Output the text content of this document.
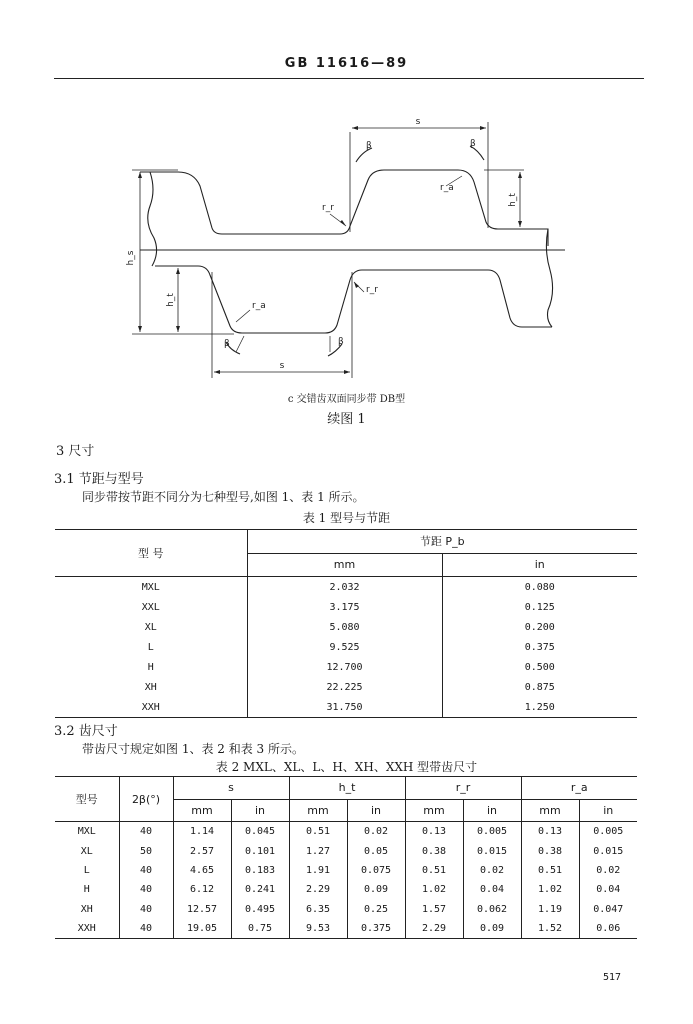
GB 11616—89
s
s
β	β
β	β
r_r
r_r
r_a
r_a
h_s
h_t
h_t
c 交错齿双面同步带 DB型
续图 1
3 尺寸
3.1 节距与型号
同步带按节距不同分为七种型号,如图 1、表 1 所示。
表 1 型号与节距
型 号	节距 P_b	
	mm	in
MXL	2.032	0.080
XXL	3.175	0.125
XL	5.080	0.200
L	9.525	0.375
H	12.700	0.500
XH	22.225	0.875
XXH	31.750	1.250
3.2 齿尺寸
带齿尺寸规定如图 1、表 2 和表 3 所示。
表 2 MXL、XL、L、H、XH、XXH 型带齿尺寸
型号	2β(°)	s		h_t		r_r		r_a	
		mm	in	mm	in	mm	in	mm	in
MXL	40	1.14	0.045	0.51	0.02	0.13	0.005	0.13	0.005
XL	50	2.57	0.101	1.27	0.05	0.38	0.015	0.38	0.015
L	40	4.65	0.183	1.91	0.075	0.51	0.02	0.51	0.02
H	40	6.12	0.241	2.29	0.09	1.02	0.04	1.02	0.04
XH	40	12.57	0.495	6.35	0.25	1.57	0.062	1.19	0.047
XXH	40	19.05	0.75	9.53	0.375	2.29	0.09	1.52	0.06
517
